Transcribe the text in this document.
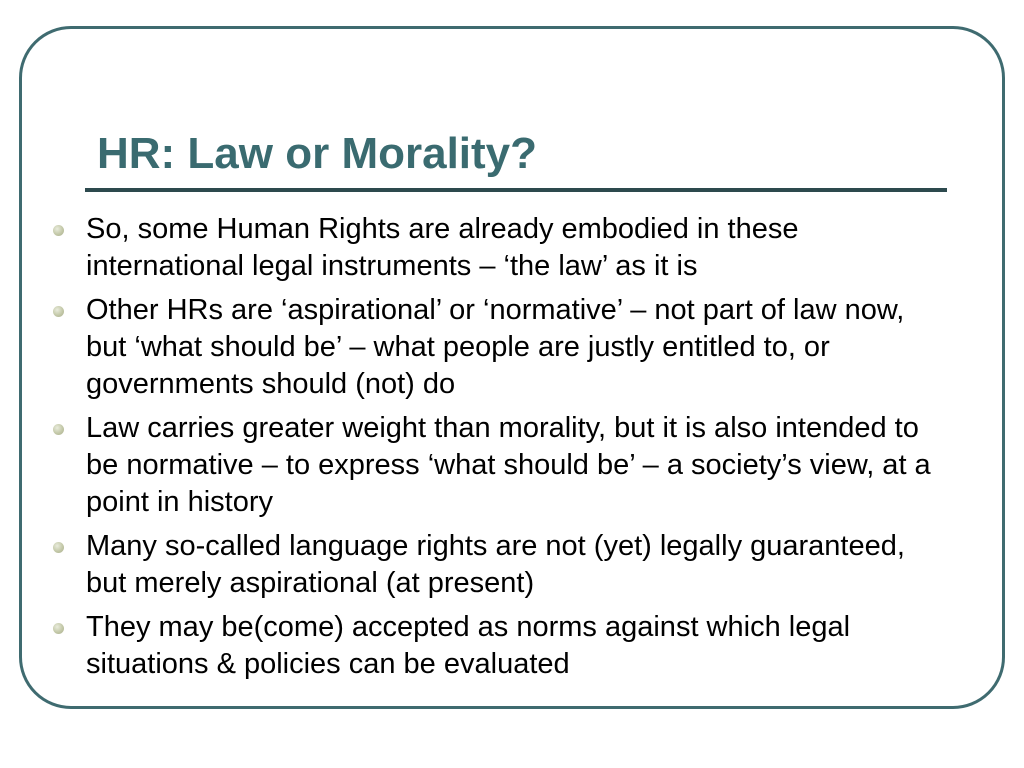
HR: Law or Morality?
So, some Human Rights are already embodied in these international legal instruments – ‘the law’ as it is
Other HRs are ‘aspirational’ or ‘normative’ – not part of law now, but ‘what should be’ – what people are justly entitled to, or governments should (not) do
Law carries greater weight than morality, but it is also intended to be normative – to express ‘what should be’ – a society’s view, at a point in history
Many so-called language rights are not (yet) legally guaranteed, but merely aspirational (at present)
They may be(come) accepted as norms against which legal situations & policies can be evaluated
